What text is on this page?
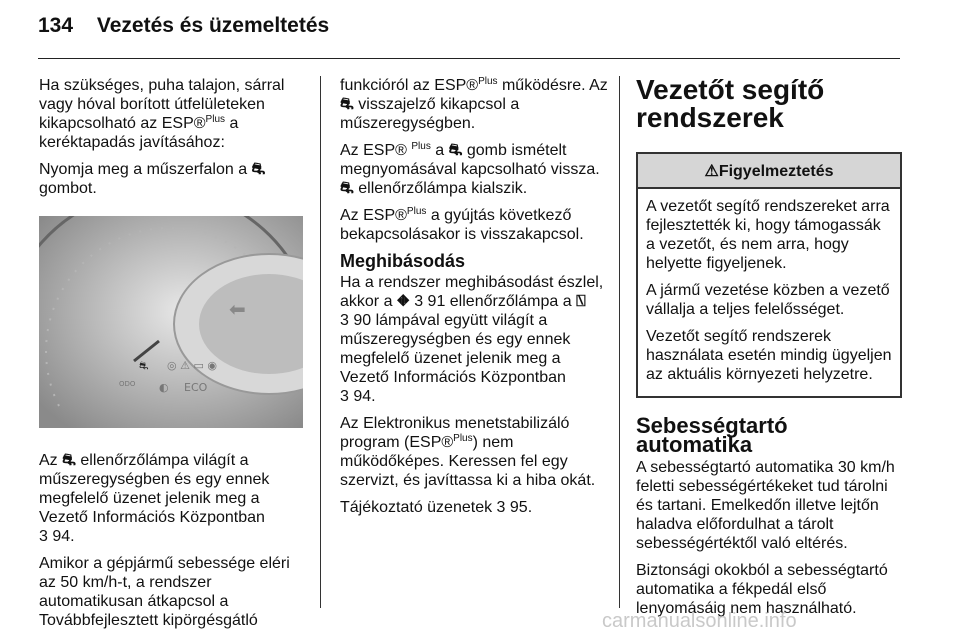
134 Vezetés és üzemeltetés

Ha szükséges, puha talajon, sárral vagy hóval borított útfelületeken kikapcsolható az ESP®$^{Plus}$ a keréktapadás javításához:

Nyomja meg a műszerfalon a ⛐ gombot.

⬅
⛐ ◎ ⚠ ▭ ◉
◐ ECO
ODO

Az ⛐ ellenőrzőlámpa világít a műszeregységben és egy ennek megfelelő üzenet jelenik meg a Vezető Információs Központban
3 94.

Amikor a gépjármű sebessége eléri az 50 km/h-t, a rendszer automatikusan átkapcsol a Továbbfejlesztett kipörgésgátló

funkcióról az ESP®$^{Plus}$ működésre. Az ⛐ visszajelző kikapcsol a műszeregységben.

Az ESP® $^{Plus}$ a ⛐ gomb ismételt megnyomásával kapcsolható vissza. ⛐ ellenőrzőlámpa kialszik.

Az ESP®$^{Plus}$ a gyújtás következő bekapcsolásakor is visszakapcsol.

Meghibásodás

Ha a rendszer meghibásodást észlel, akkor a ⛖ 3 91 ellenőrzőlámpa a ⍂
3 90 lámpával együtt világít a műszeregységben és egy ennek megfelelő üzenet jelenik meg a Vezető Információs Központban
3 94.

Az Elektronikus menetstabilizáló program (ESP®$^{Plus}$) nem működőképes. Keressen fel egy szervizt, és javíttassa ki a hiba okát.

Tájékoztató üzenetek 3 95.

Vezetőt segítő rendszerek
⚠Figyelmeztetés

A vezetőt segítő rendszereket arra fejlesztették ki, hogy támogassák a vezetőt, és nem arra, hogy helyette figyeljenek.

A jármű vezetése közben a vezető vállalja a teljes felelősséget.

Vezetőt segítő rendszerek használata esetén mindig ügyeljen az aktuális környezeti helyzetre.

Sebességtartó automatika

A sebességtartó automatika 30 km/h feletti sebességértékeket tud tárolni és tartani. Emelkedőn illetve lejtőn haladva előfordulhat a tárolt sebességértéktől való eltérés.

Biztonsági okokból a sebességtartó automatika a fékpedál első lenyomásáig nem használható.

carmanualsonline.info
